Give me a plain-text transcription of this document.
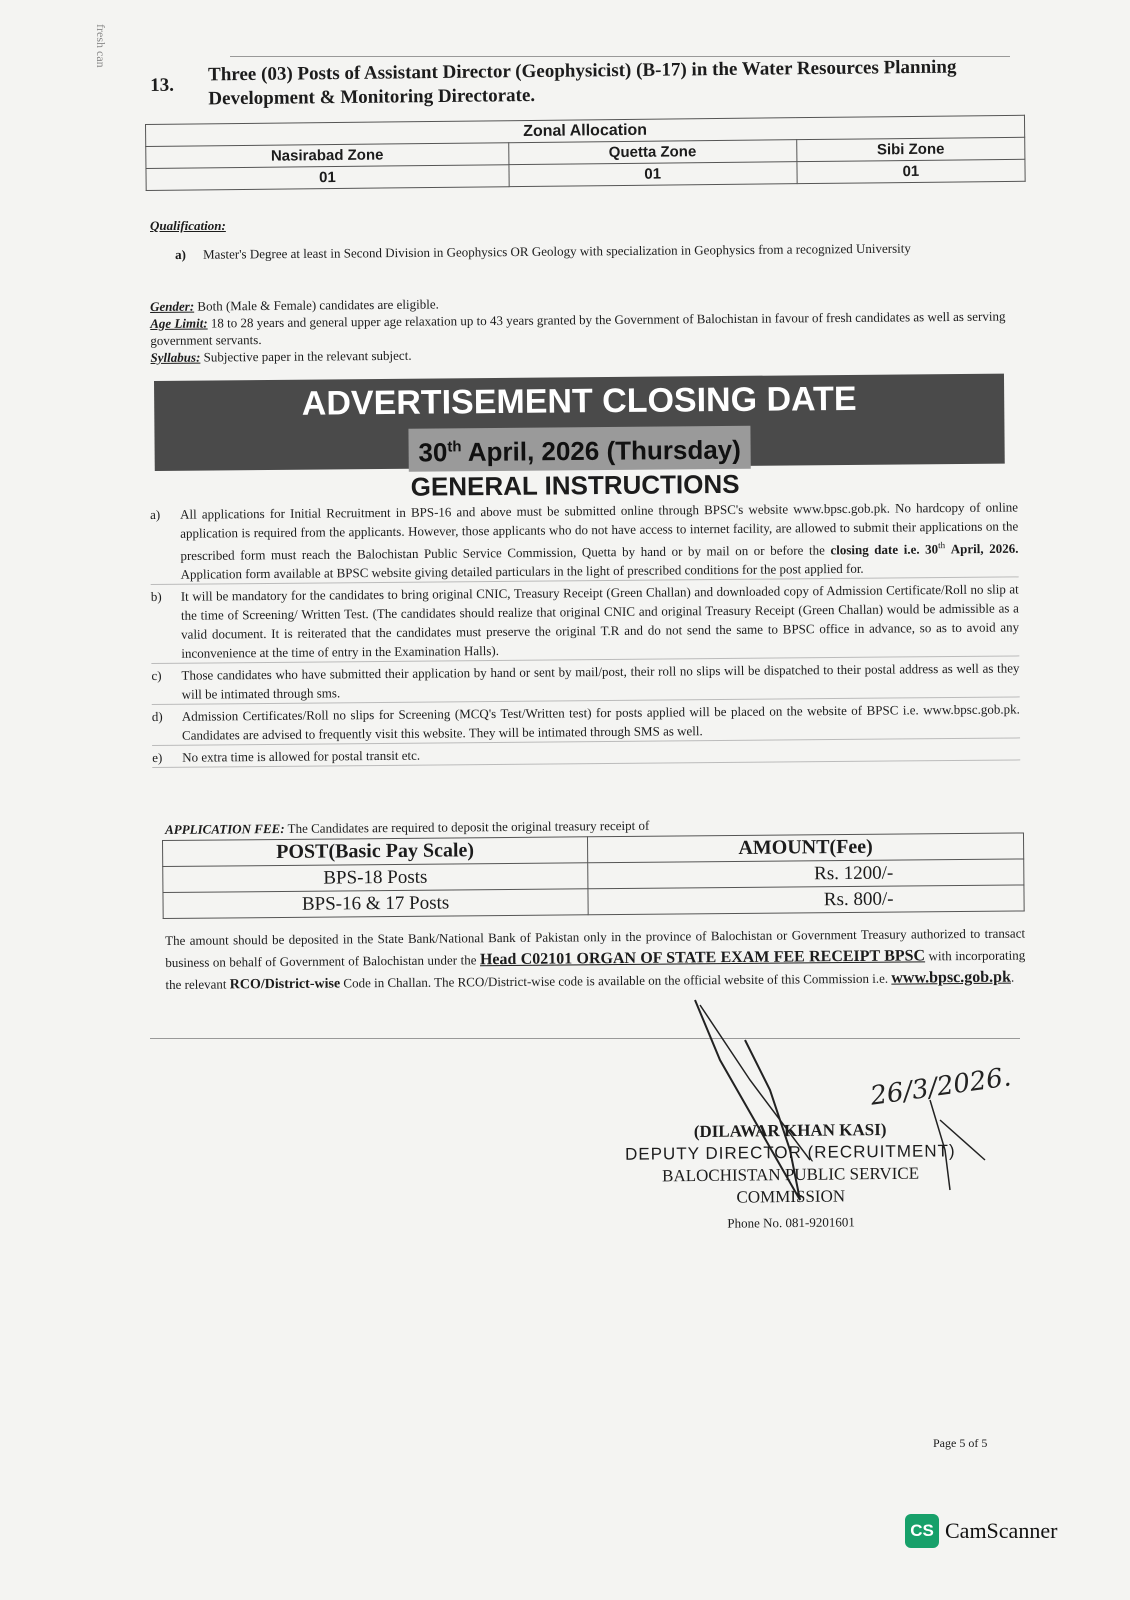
fresh can
13. Three (03) Posts of Assistant Director (Geophysicist) (B-17) in the Water Resources Planning Development & Monitoring Directorate.
Zonal Allocation		
Nasirabad Zone	Quetta Zone	Sibi Zone
01	01	01
Qualification:
a) Master's Degree at least in Second Division in Geophysics OR Geology with specialization in Geophysics from a recognized University
Gender: Both (Male & Female) candidates are eligible.
Age Limit: 18 to 28 years and general upper age relaxation up to 43 years granted by the Government of Balochistan in favour of fresh candidates as well as serving government servants.
Syllabus: Subjective paper in the relevant subject.
ADVERTISEMENT CLOSING DATE
30th April, 2026 (Thursday)
GENERAL INSTRUCTIONS
a) All applications for Initial Recruitment in BPS-16 and above must be submitted online through BPSC's website www.bpsc.gob.pk. No hardcopy of online application is required from the applicants. However, those applicants who do not have access to internet facility, are allowed to submit their applications on the prescribed form must reach the Balochistan Public Service Commission, Quetta by hand or by mail on or before the closing date i.e. 30th April, 2026. Application form available at BPSC website giving detailed particulars in the light of prescribed conditions for the post applied for.
b) It will be mandatory for the candidates to bring original CNIC, Treasury Receipt (Green Challan) and downloaded copy of Admission Certificate/Roll no slip at the time of Screening/ Written Test. (The candidates should realize that original CNIC and original Treasury Receipt (Green Challan) would be admissible as a valid document. It is reiterated that the candidates must preserve the original T.R and do not send the same to BPSC office in advance, so as to avoid any inconvenience at the time of entry in the Examination Halls).
c) Those candidates who have submitted their application by hand or sent by mail/post, their roll no slips will be dispatched to their postal address as well as they will be intimated through sms.
d) Admission Certificates/Roll no slips for Screening (MCQ's Test/Written test) for posts applied will be placed on the website of BPSC i.e. www.bpsc.gob.pk. Candidates are advised to frequently visit this website. They will be intimated through SMS as well.
e) No extra time is allowed for postal transit etc.
APPLICATION FEE: The Candidates are required to deposit the original treasury receipt of
POST(Basic Pay Scale)	AMOUNT(Fee)
BPS-18 Posts	Rs. 1200/-
BPS-16 & 17 Posts	Rs. 800/-
The amount should be deposited in the State Bank/National Bank of Pakistan only in the province of Balochistan or Government Treasury authorized to transact business on behalf of Government of Balochistan under the Head C02101 ORGAN OF STATE EXAM FEE RECEIPT BPSC with incorporating the relevant RCO/District-wise Code in Challan. The RCO/District-wise code is available on the official website of this Commission i.e. www.bpsc.gob.pk.
26/3/2026.
(DILAWAR KHAN KASI)
DEPUTY DIRECTOR (RECRUITMENT)
BALOCHISTAN PUBLIC SERVICE
COMMISSION
Phone No. 081-9201601
Page 5 of 5
CS CamScanner
